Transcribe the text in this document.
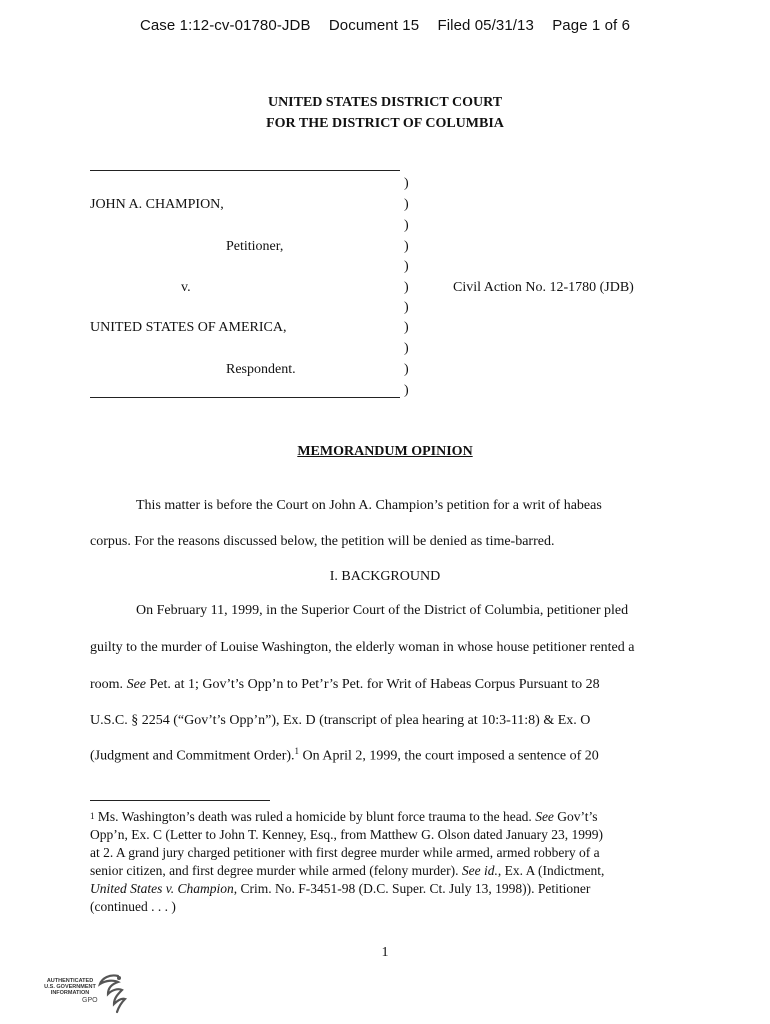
Case 1:12-cv-01780-JDB Document 15 Filed 05/31/13 Page 1 of 6
UNITED STATES DISTRICT COURT
FOR THE DISTRICT OF COLUMBIA
JOHN A. CHAMPION,
Petitioner,
v.
UNITED STATES OF AMERICA,
Respondent.
Civil Action No. 12-1780 (JDB)
)
)
)
)
)
)
)
)
)
)
)
MEMORANDUM OPINION
This matter is before the Court on John A. Champion’s petition for a writ of habeas
corpus. For the reasons discussed below, the petition will be denied as time-barred.
I. BACKGROUND
On February 11, 1999, in the Superior Court of the District of Columbia, petitioner pled
guilty to the murder of Louise Washington, the elderly woman in whose house petitioner rented a
room. See Pet. at 1; Gov’t’s Opp’n to Pet’r’s Pet. for Writ of Habeas Corpus Pursuant to 28
U.S.C. § 2254 (“Gov’t’s Opp’n”), Ex. D (transcript of plea hearing at 10:3-11:8) & Ex. O
(Judgment and Commitment Order).$^1$ On April 2, 1999, the court imposed a sentence of 20
$^1$ Ms. Washington’s death was ruled a homicide by blunt force trauma to the head. See Gov’t’s
Opp’n, Ex. C (Letter to John T. Kenney, Esq., from Matthew G. Olson dated January 23, 1999)
at 2. A grand jury charged petitioner with first degree murder while armed, armed robbery of a
senior citizen, and first degree murder while armed (felony murder). See id., Ex. A (Indictment,
United States v. Champion, Crim. No. F-3451-98 (D.C. Super. Ct. July 13, 1998)). Petitioner
(continued . . . )
1
AUTHENTICATED
U.S. GOVERNMENT
INFORMATION
GPO
